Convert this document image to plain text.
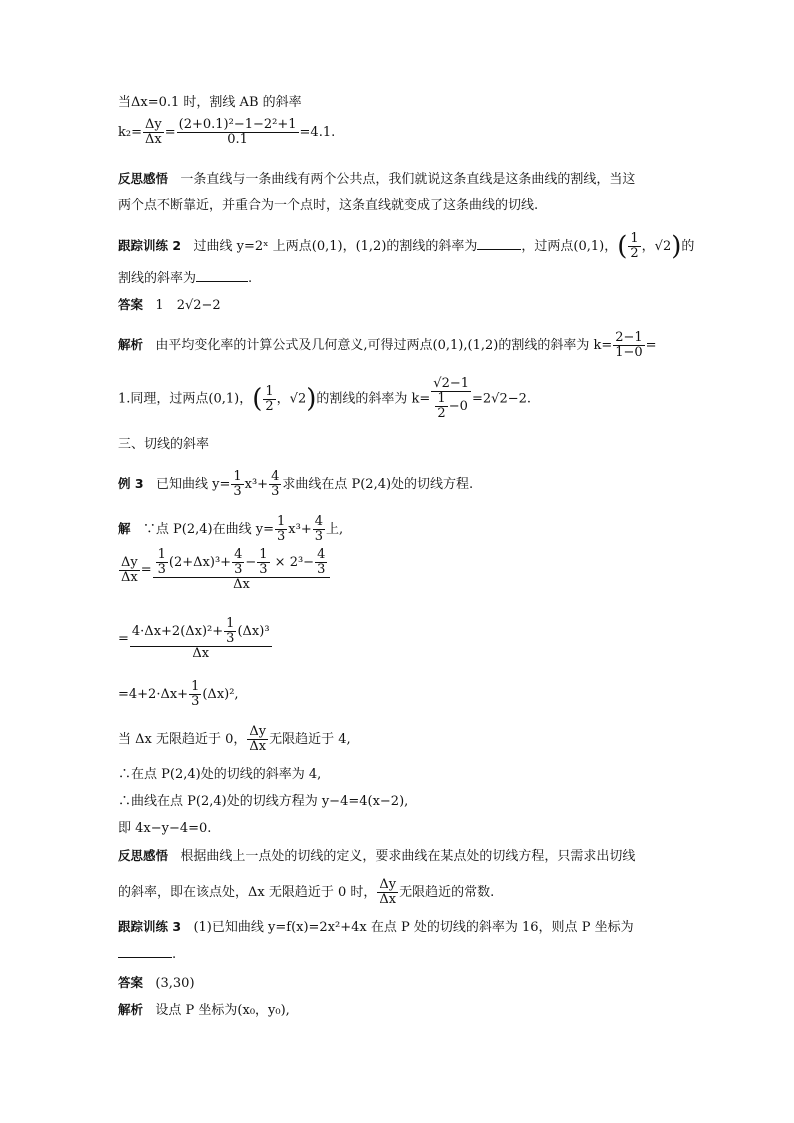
当Δx=0.1 时，割线 AB 的斜率
$k_2= \frac{\Delta y}{\Delta x} = \frac{\text{(2+0.1)²−1−2²+1}}{0.1} =4.1$.
反思感悟 一条直线与一条曲线有两个公共点，我们就说这条直线是这条曲线的割线，当这
两个点不断靠近，并重合为一个点时，这条直线就变成了这条曲线的切线.
跟踪训练 2 过曲线 y=2ˣ 上两点(0,1)，(1,2)的割线的斜率为	，过两点(0,1)，( $\frac{1}{2}$ ，√2)的
割线的斜率为	.
答案 1　2√2−2
解析 由平均变化率的计算公式及几何意义,可得过两点(0,1),(1,2)的割线的斜率为 $k= \frac{2-1}{1-0}$ =
1.同理，过两点(0,1)，( $\frac{1}{2}$ ，√2)的割线的斜率为 $k= \frac{√2-1}{\frac{1}{2} -0} =2√2-2$.
三、切线的斜率
例 3 已知曲线 $y= \frac{1}{3} x^3+ \frac{4}{3}$ 求曲线在点 P(2,4)处的切线方程.
解 ∵点 P(2,4)在曲线 $y= \frac{1}{3} x^3+ \frac{4}{3}$ 上,
$\frac{\Delta y}{\Delta x} = \frac{\frac{1}{3} (2+\Delta x)^3+ \frac{4}{3} - \frac{1}{3} \times 2^3- \frac{4}{3}}{\Delta x}$
= $\frac{4\cdot\Delta x+2(\Delta x)^2+ \frac{1}{3} (\Delta x)^3}{\Delta x}$
$=4+2\cdot\Delta x+ \frac{1}{3} (\Delta x)^2$,
当 Δx 无限趋近于 0， $\frac{\Delta y}{\Delta x}$ 无限趋近于 4,
∴在点 P(2,4)处的切线的斜率为 4,
∴曲线在点 P(2,4)处的切线方程为 y−4=4(x−2),
即 4x−y−4=0.
反思感悟 根据曲线上一点处的切线的定义，要求曲线在某点处的切线方程，只需求出切线
的斜率，即在该点处，Δx 无限趋近于 0 时， $\frac{\Delta y}{\Delta x}$ 无限趋近的常数.
跟踪训练 3 (1)已知曲线 y=f(x)=2x²+4x 在点 P 处的切线的斜率为 16，则点 P 坐标为
.
答案 (3,30)
解析 设点 P 坐标为(x₀，y₀),
